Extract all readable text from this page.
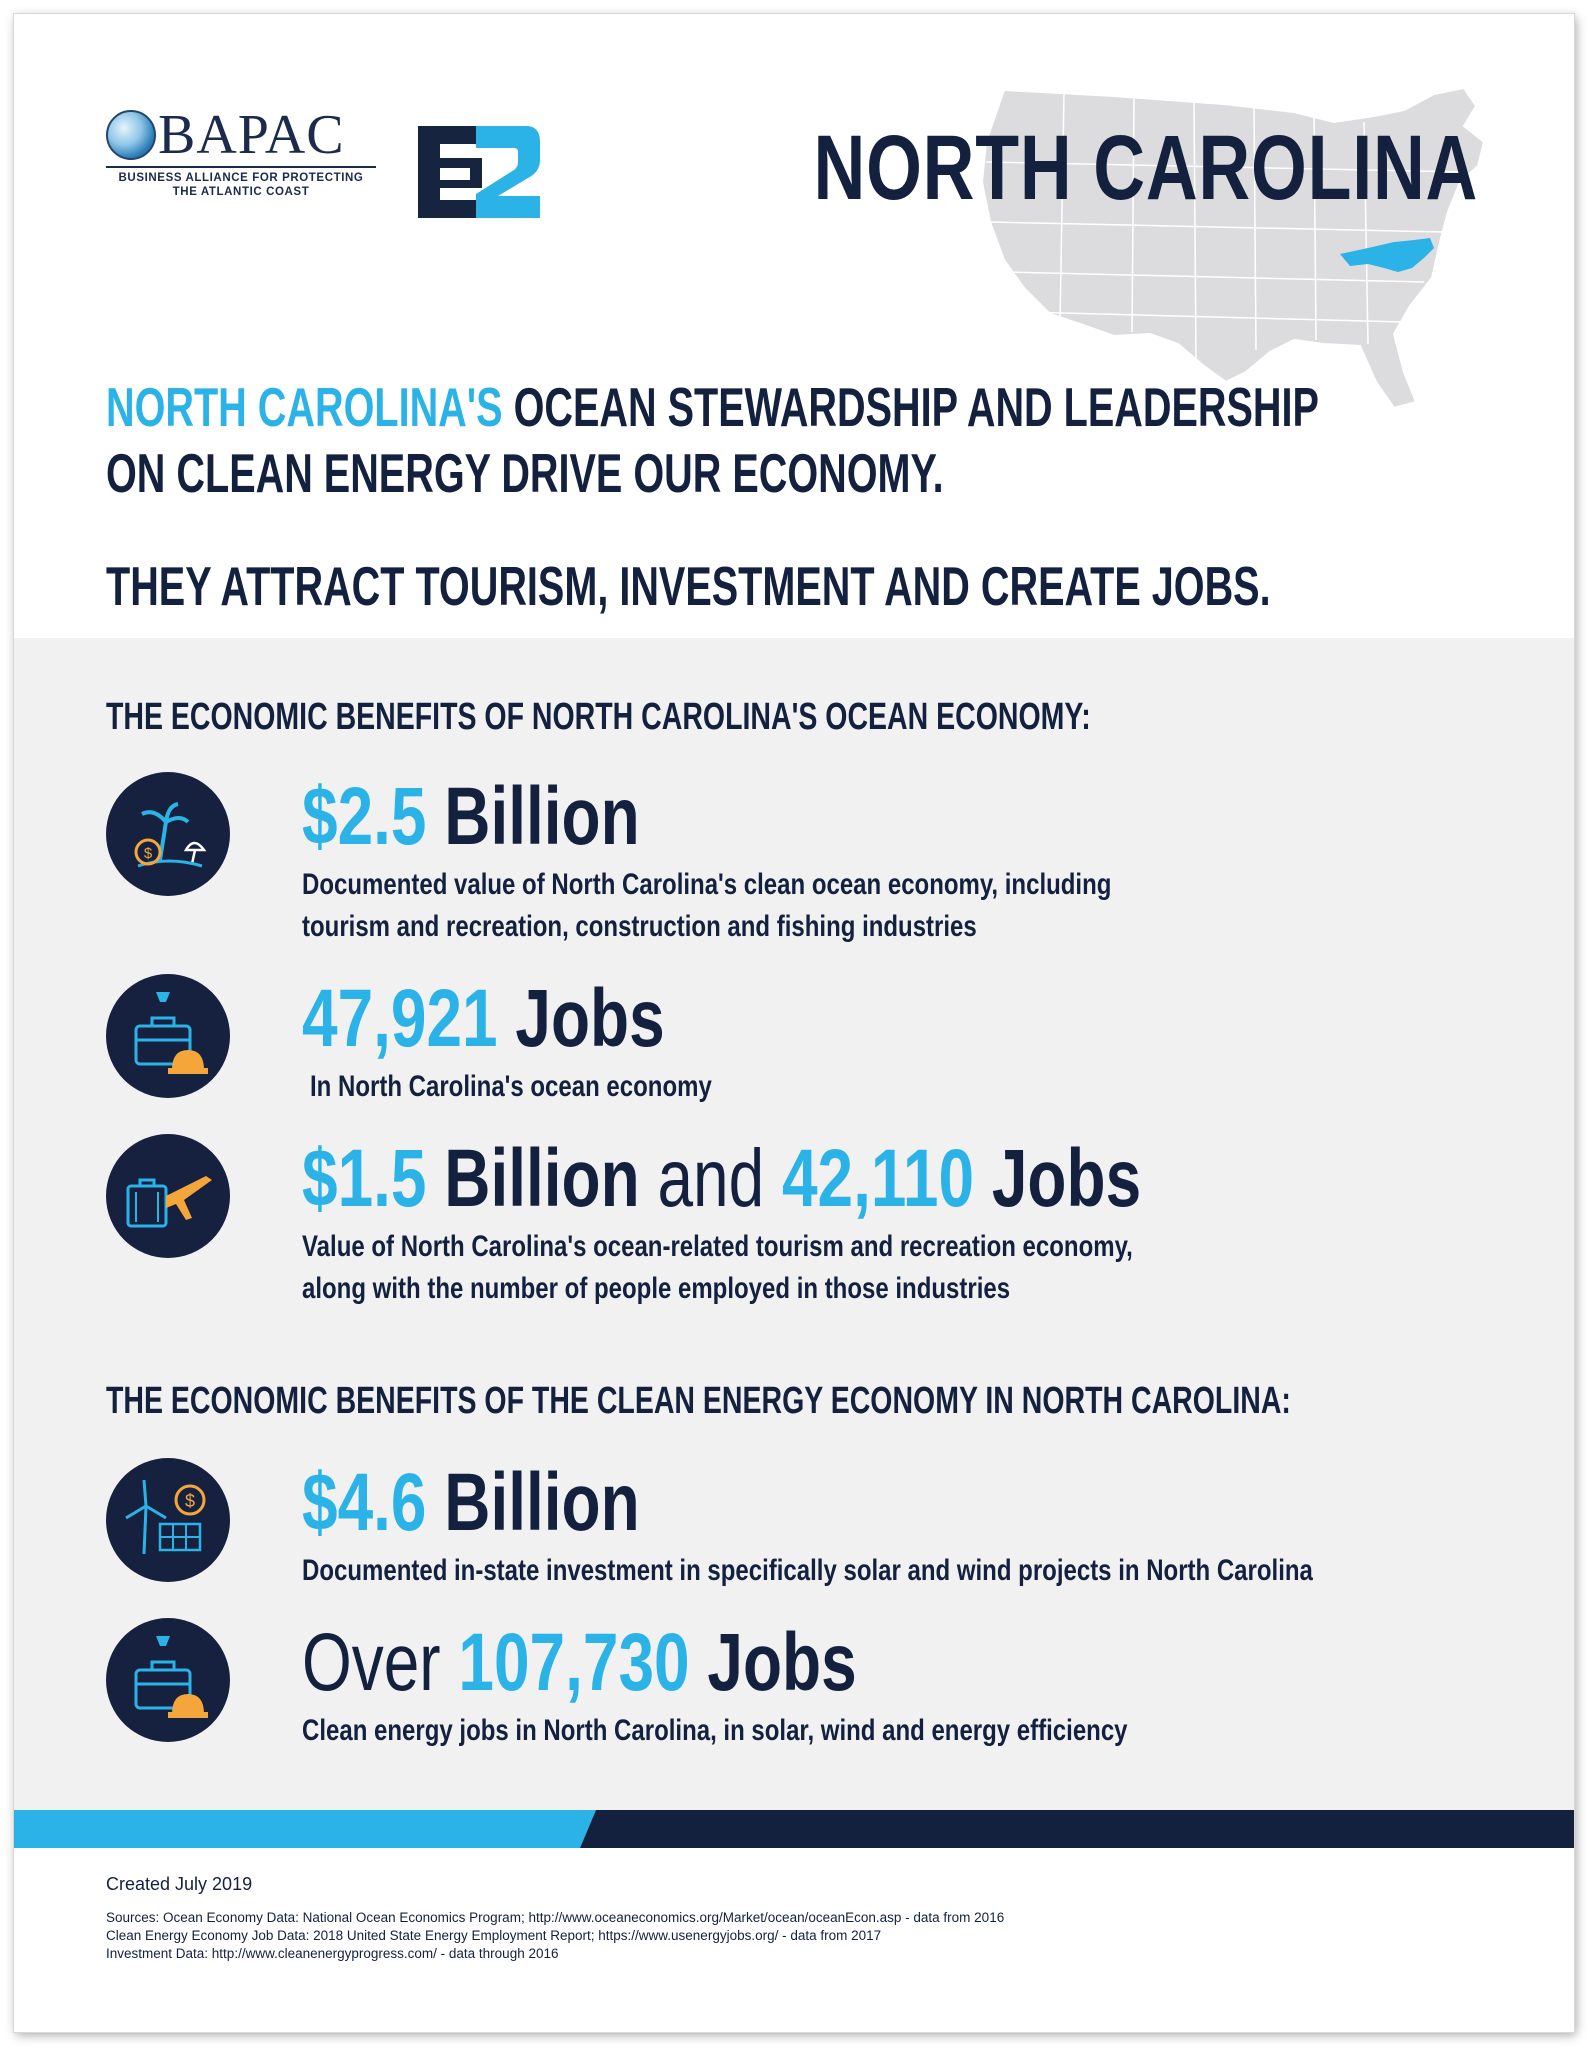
BAPAC
BUSINESS ALLIANCE FOR PROTECTING
THE ATLANTIC COAST	NORTH CAROLINA
NORTH CAROLINA'S OCEAN STEWARDSHIP AND LEADERSHIP
ON CLEAN ENERGY DRIVE OUR ECONOMY.
THEY ATTRACT TOURISM, INVESTMENT AND CREATE JOBS.
THE ECONOMIC BENEFITS OF NORTH CAROLINA'S OCEAN ECONOMY:
$ $2.5 Billion
Documented value of North Carolina's clean ocean economy, including
tourism and recreation, construction and fishing industries
47,921 Jobs
In North Carolina's ocean economy
$1.5 Billion and 42,110 Jobs
Value of North Carolina's ocean-related tourism and recreation economy,
along with the number of people employed in those industries
THE ECONOMIC BENEFITS OF THE CLEAN ENERGY ECONOMY IN NORTH CAROLINA:
$ $4.6 Billion
Documented in-state investment in specifically solar and wind projects in North Carolina
Over 107,730 Jobs
Clean energy jobs in North Carolina, in solar, wind and energy efficiency
Created July 2019
Sources: Ocean Economy Data: National Ocean Economics Program; http://www.oceaneconomics.org/Market/ocean/oceanEcon.asp - data from 2016
Clean Energy Economy Job Data: 2018 United State Energy Employment Report; https://www.usenergyjobs.org/ - data from 2017
Investment Data: http://www.cleanenergyprogress.com/ - data through 2016
